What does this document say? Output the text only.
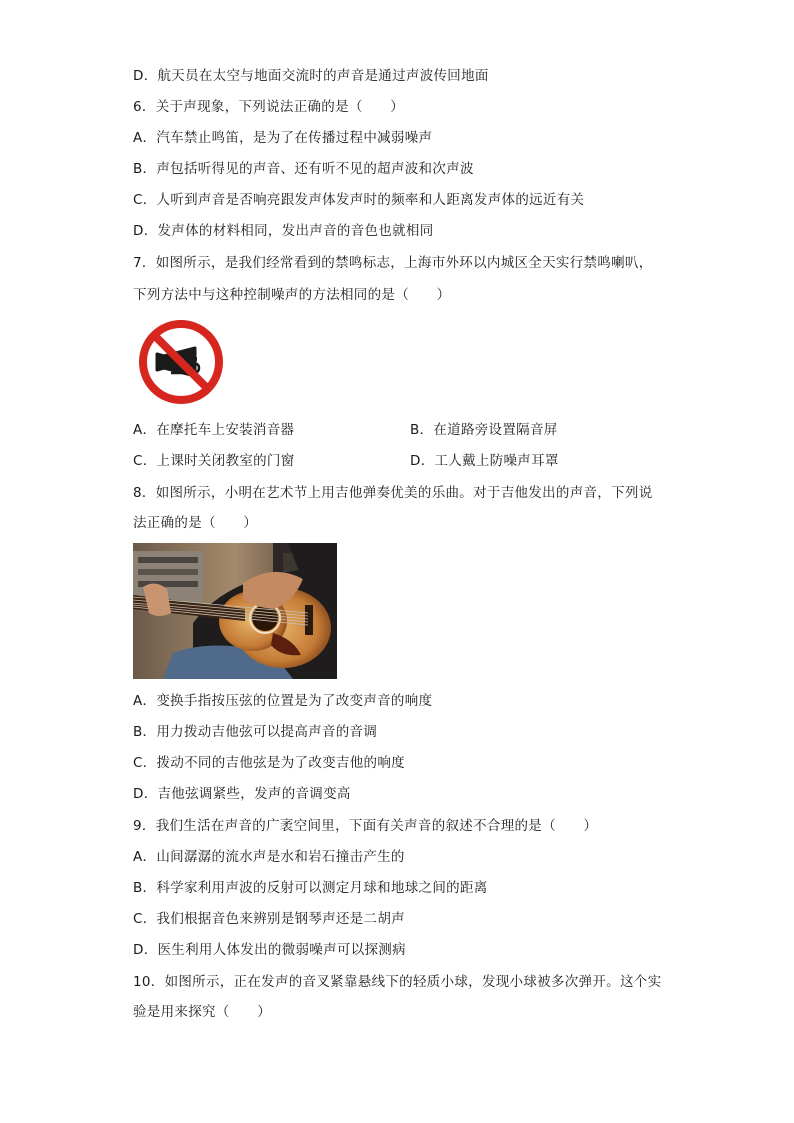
D．航天员在太空与地面交流时的声音是通过声波传回地面
6．关于声现象，下列说法正确的是（　　）
A．汽车禁止鸣笛，是为了在传播过程中减弱噪声
B．声包括听得见的声音、还有听不见的超声波和次声波
C．人听到声音是否响亮跟发声体发声时的频率和人距离发声体的远近有关
D．发声体的材料相同，发出声音的音色也就相同
7．如图所示，是我们经常看到的禁鸣标志，上海市外环以内城区全天实行禁鸣喇叭，
下列方法中与这种控制噪声的方法相同的是（　　）
A．在摩托车上安装消音器	B．在道路旁设置隔音屏
C．上课时关闭教室的门窗	D．工人戴上防噪声耳罩
8．如图所示，小明在艺术节上用吉他弹奏优美的乐曲。对于吉他发出的声音，下列说
法正确的是（　　）
A．变换手指按压弦的位置是为了改变声音的响度
B．用力拨动吉他弦可以提高声音的音调
C．拨动不同的吉他弦是为了改变吉他的响度
D．吉他弦调紧些，发声的音调变高
9．我们生活在声音的广袤空间里，下面有关声音的叙述不合理的是（　　）
A．山间潺潺的流水声是水和岩石撞击产生的
B．科学家利用声波的反射可以测定月球和地球之间的距离
C．我们根据音色来辨别是钢琴声还是二胡声
D．医生利用人体发出的微弱噪声可以探测病
10．如图所示，正在发声的音叉紧靠悬线下的轻质小球，发现小球被多次弹开。这个实
验是用来探究（　　）
